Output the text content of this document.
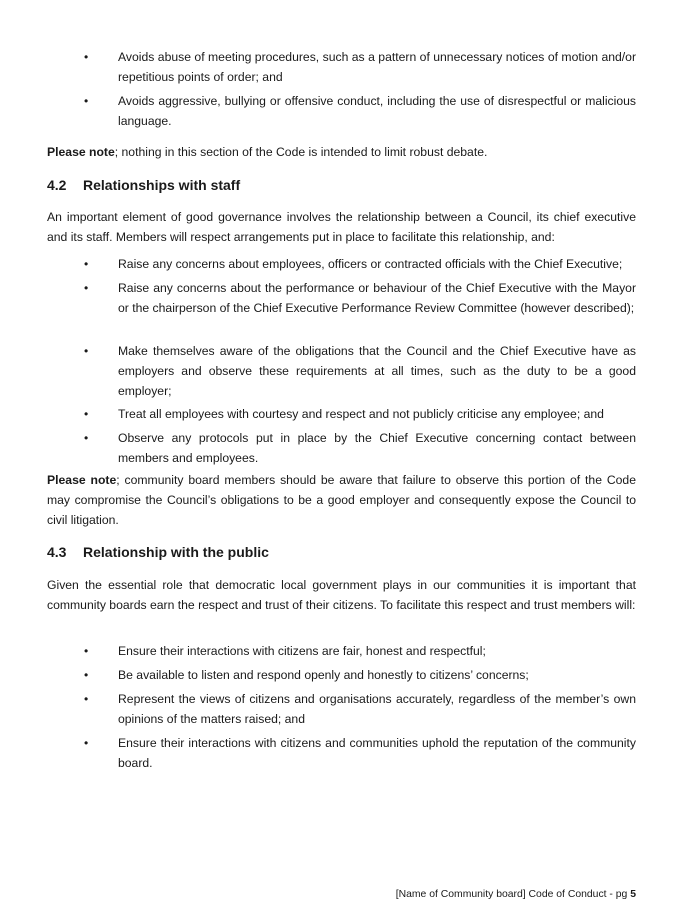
• Avoids abuse of meeting procedures, such as a pattern of unnecessary notices of motion and/or repetitious points of order; and

• Avoids aggressive, bullying or offensive conduct, including the use of disrespectful or malicious language.

Please note; nothing in this section of the Code is intended to limit robust debate.

4.2 Relationships with staff

An important element of good governance involves the relationship between a Council, its chief executive and its staff. Members will respect arrangements put in place to facilitate this relationship, and:

• Raise any concerns about employees, officers or contracted officials with the Chief Executive;

• Raise any concerns about the performance or behaviour of the Chief Executive with the Mayor or the chairperson of the Chief Executive Performance Review Committee (however described);

• Make themselves aware of the obligations that the Council and the Chief Executive have as employers and observe these requirements at all times, such as the duty to be a good employer;

• Treat all employees with courtesy and respect and not publicly criticise any employee; and

• Observe any protocols put in place by the Chief Executive concerning contact between members and employees.

Please note; community board members should be aware that failure to observe this portion of the Code may compromise the Council’s obligations to be a good employer and consequently expose the Council to civil litigation.

4.3 Relationship with the public

Given the essential role that democratic local government plays in our communities it is important that community boards earn the respect and trust of their citizens. To facilitate this respect and trust members will:

• Ensure their interactions with citizens are fair, honest and respectful;

• Be available to listen and respond openly and honestly to citizens’ concerns;

• Represent the views of citizens and organisations accurately, regardless of the member’s own opinions of the matters raised; and

• Ensure their interactions with citizens and communities uphold the reputation of the community board.

[Name of Community board] Code of Conduct - pg 5
